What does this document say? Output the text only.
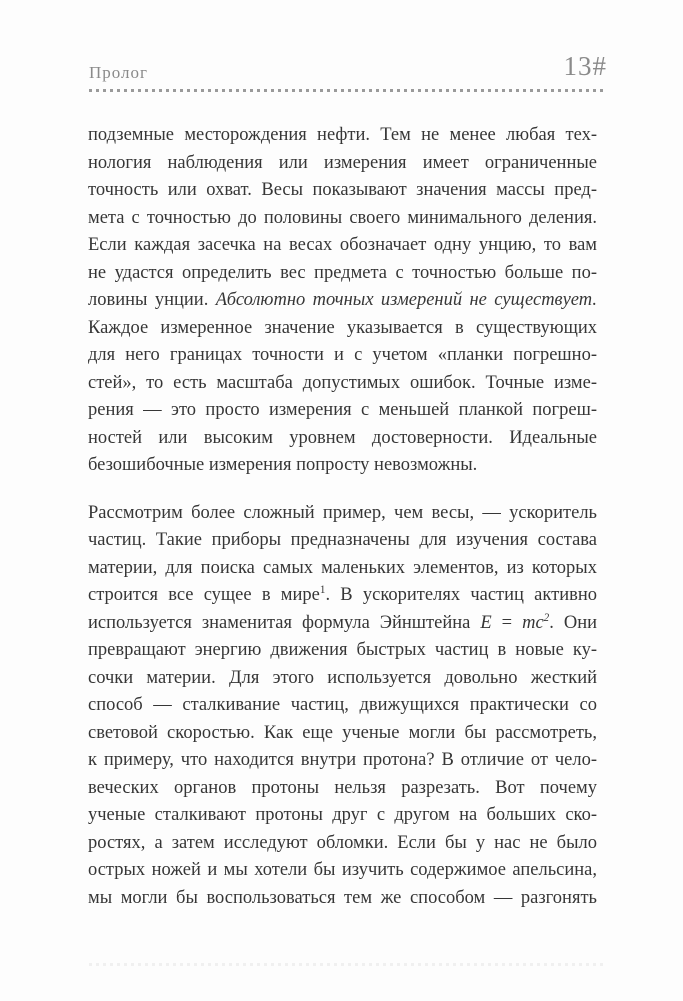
Пролог	13#

подземные месторождения нефти. Тем не менее любая тех-
нология наблюдения или измерения имеет ограниченные
точность или охват. Весы показывают значения массы пред-
мета с точностью до половины своего минимального деления.
Если каждая засечка на весах обозначает одну унцию, то вам
не удастся определить вес предмета с точностью больше по-
ловины унции. Абсолютно точных измерений не существует.
Каждое измеренное значение указывается в существующих
для него границах точности и с учетом «планки погрешно-
стей», то есть масштаба допустимых ошибок. Точные изме-
рения — это просто измерения с меньшей планкой погреш-
ностей или высоким уровнем достоверности. Идеальные
безошибочные измерения попросту невозможны.

Рассмотрим более сложный пример, чем весы, — ускоритель
частиц. Такие приборы предназначены для изучения состава
материи, для поиска самых маленьких элементов, из которых
строится все сущее в мире$^1$. В ускорителях частиц активно
используется знаменитая формула Эйнштейна $E = mc^2$. Они
превращают энергию движения быстрых частиц в новые ку-
сочки материи. Для этого используется довольно жесткий
способ — сталкивание частиц, движущихся практически со
световой скоростью. Как еще ученые могли бы рассмотреть,
к примеру, что находится внутри протона? В отличие от чело-
веческих органов протоны нельзя разрезать. Вот почему
ученые сталкивают протоны друг с другом на больших ско-
ростях, а затем исследуют обломки. Если бы у нас не было
острых ножей и мы хотели бы изучить содержимое апельсина,
мы могли бы воспользоваться тем же способом — разгонять
